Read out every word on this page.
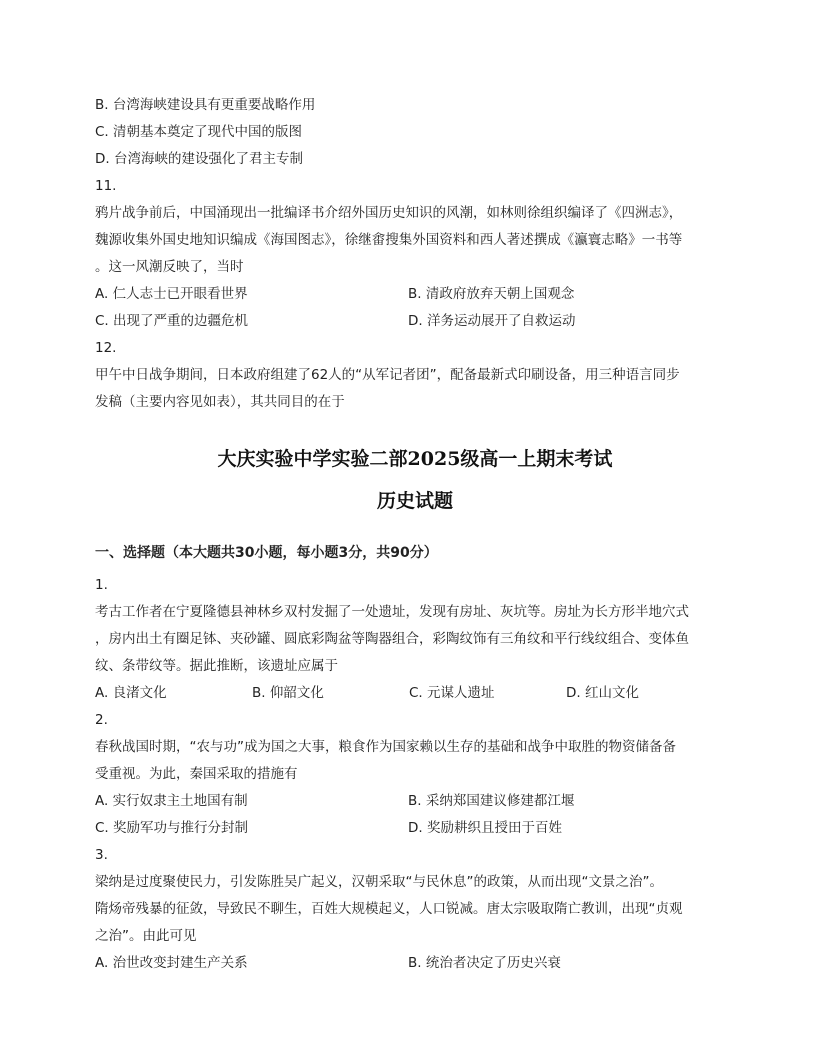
B. 台湾海峡建设具有更重要战略作用
C. 清朝基本奠定了现代中国的版图
D. 台湾海峡的建设强化了君主专制
11.
鸦片战争前后，中国涌现出一批编译书介绍外国历史知识的风潮，如林则徐组织编译了《四洲志》，
魏源收集外国史地知识编成《海国图志》，徐继畬搜集外国资料和西人著述撰成《瀛寰志略》一书等
。这一风潮反映了，当时
A. 仁人志士已开眼看世界	B. 清政府放弃天朝上国观念
C. 出现了严重的边疆危机	D. 洋务运动展开了自救运动
12.
甲午中日战争期间，日本政府组建了62人的“从军记者团”，配备最新式印刷设备，用三种语言同步
发稿（主要内容见如表），其共同目的在于
大庆实验中学实验二部2025级高一上期末考试
历史试题
一、选择题（本大题共30小题，每小题3分，共90分）
1.
考古工作者在宁夏隆德县神林乡双村发掘了一处遗址，发现有房址、灰坑等。房址为长方形半地穴式
，房内出土有圈足钵、夹砂罐、圆底彩陶盆等陶器组合，彩陶纹饰有三角纹和平行线纹组合、变体鱼
纹、条带纹等。据此推断，该遗址应属于
A. 良渚文化	B. 仰韶文化	C. 元谋人遗址	D. 红山文化
2.
春秋战国时期，“农与功”成为国之大事，粮食作为国家赖以生存的基础和战争中取胜的物资储备备
受重视。为此，秦国采取的措施有
A. 实行奴隶主土地国有制	B. 采纳郑国建议修建都江堰
C. 奖励军功与推行分封制	D. 奖励耕织且授田于百姓
3.
梁纳是过度聚使民力，引发陈胜吴广起义，汉朝采取“与民休息”的政策，从而出现“文景之治”。
隋炀帝残暴的征敛，导致民不聊生，百姓大规模起义，人口锐减。唐太宗吸取隋亡教训，出现“贞观
之治”。由此可见
A. 治世改变封建生产关系	B. 统治者决定了历史兴衰
